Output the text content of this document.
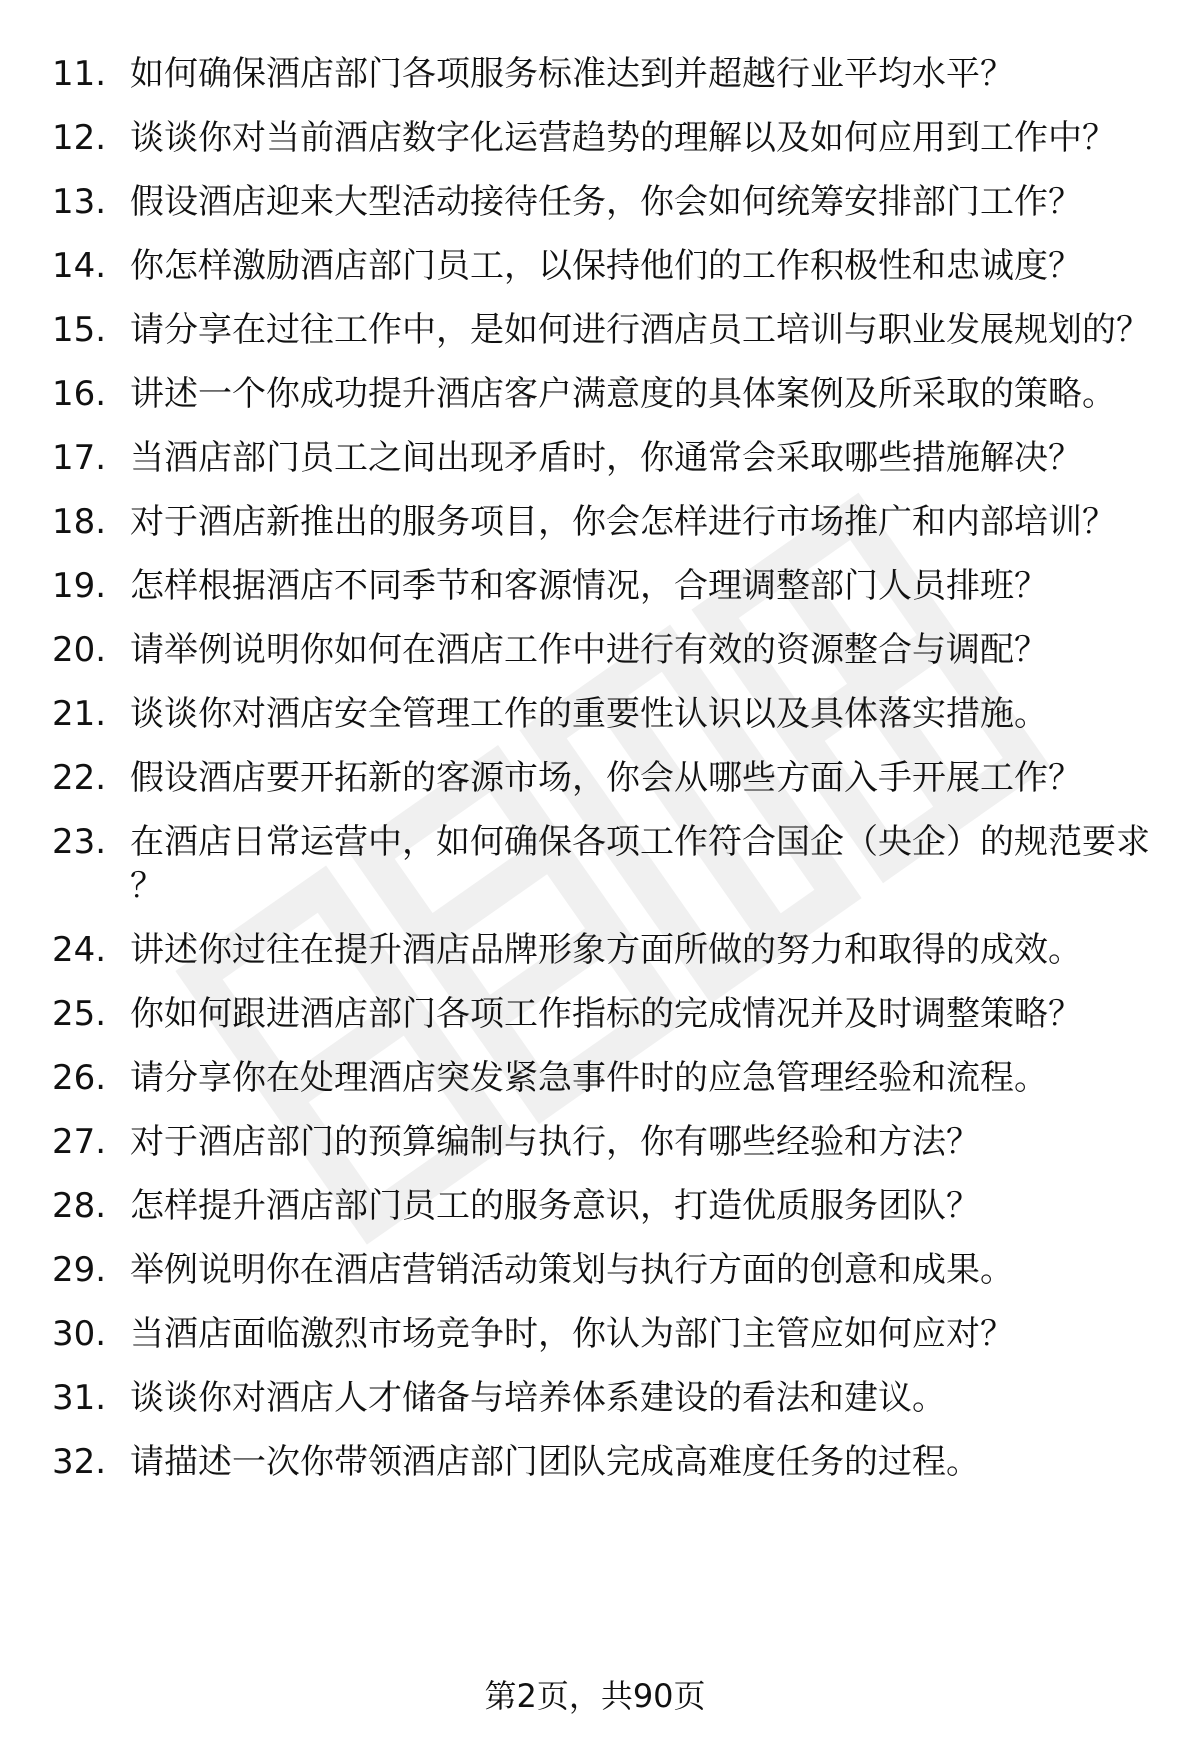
11. 如何确保酒店部门各项服务标准达到并超越行业平均水平？
12. 谈谈你对当前酒店数字化运营趋势的理解以及如何应用到工作中？
13. 假设酒店迎来大型活动接待任务，你会如何统筹安排部门工作？
14. 你怎样激励酒店部门员工，以保持他们的工作积极性和忠诚度？
15. 请分享在过往工作中，是如何进行酒店员工培训与职业发展规划的？
16. 讲述一个你成功提升酒店客户满意度的具体案例及所采取的策略。
17. 当酒店部门员工之间出现矛盾时，你通常会采取哪些措施解决？
18. 对于酒店新推出的服务项目，你会怎样进行市场推广和内部培训？
19. 怎样根据酒店不同季节和客源情况，合理调整部门人员排班？
20. 请举例说明你如何在酒店工作中进行有效的资源整合与调配？
21. 谈谈你对酒店安全管理工作的重要性认识以及具体落实措施。
22. 假设酒店要开拓新的客源市场，你会从哪些方面入手开展工作？
23. 在酒店日常运营中，如何确保各项工作符合国企（央企）的规范要求？
24. 讲述你过往在提升酒店品牌形象方面所做的努力和取得的成效。
25. 你如何跟进酒店部门各项工作指标的完成情况并及时调整策略？
26. 请分享你在处理酒店突发紧急事件时的应急管理经验和流程。
27. 对于酒店部门的预算编制与执行，你有哪些经验和方法？
28. 怎样提升酒店部门员工的服务意识，打造优质服务团队？
29. 举例说明你在酒店营销活动策划与执行方面的创意和成果。
30. 当酒店面临激烈市场竞争时，你认为部门主管应如何应对？
31. 谈谈你对酒店人才储备与培养体系建设的看法和建议。
32. 请描述一次你带领酒店部门团队完成高难度任务的过程。
第2页，共90页
